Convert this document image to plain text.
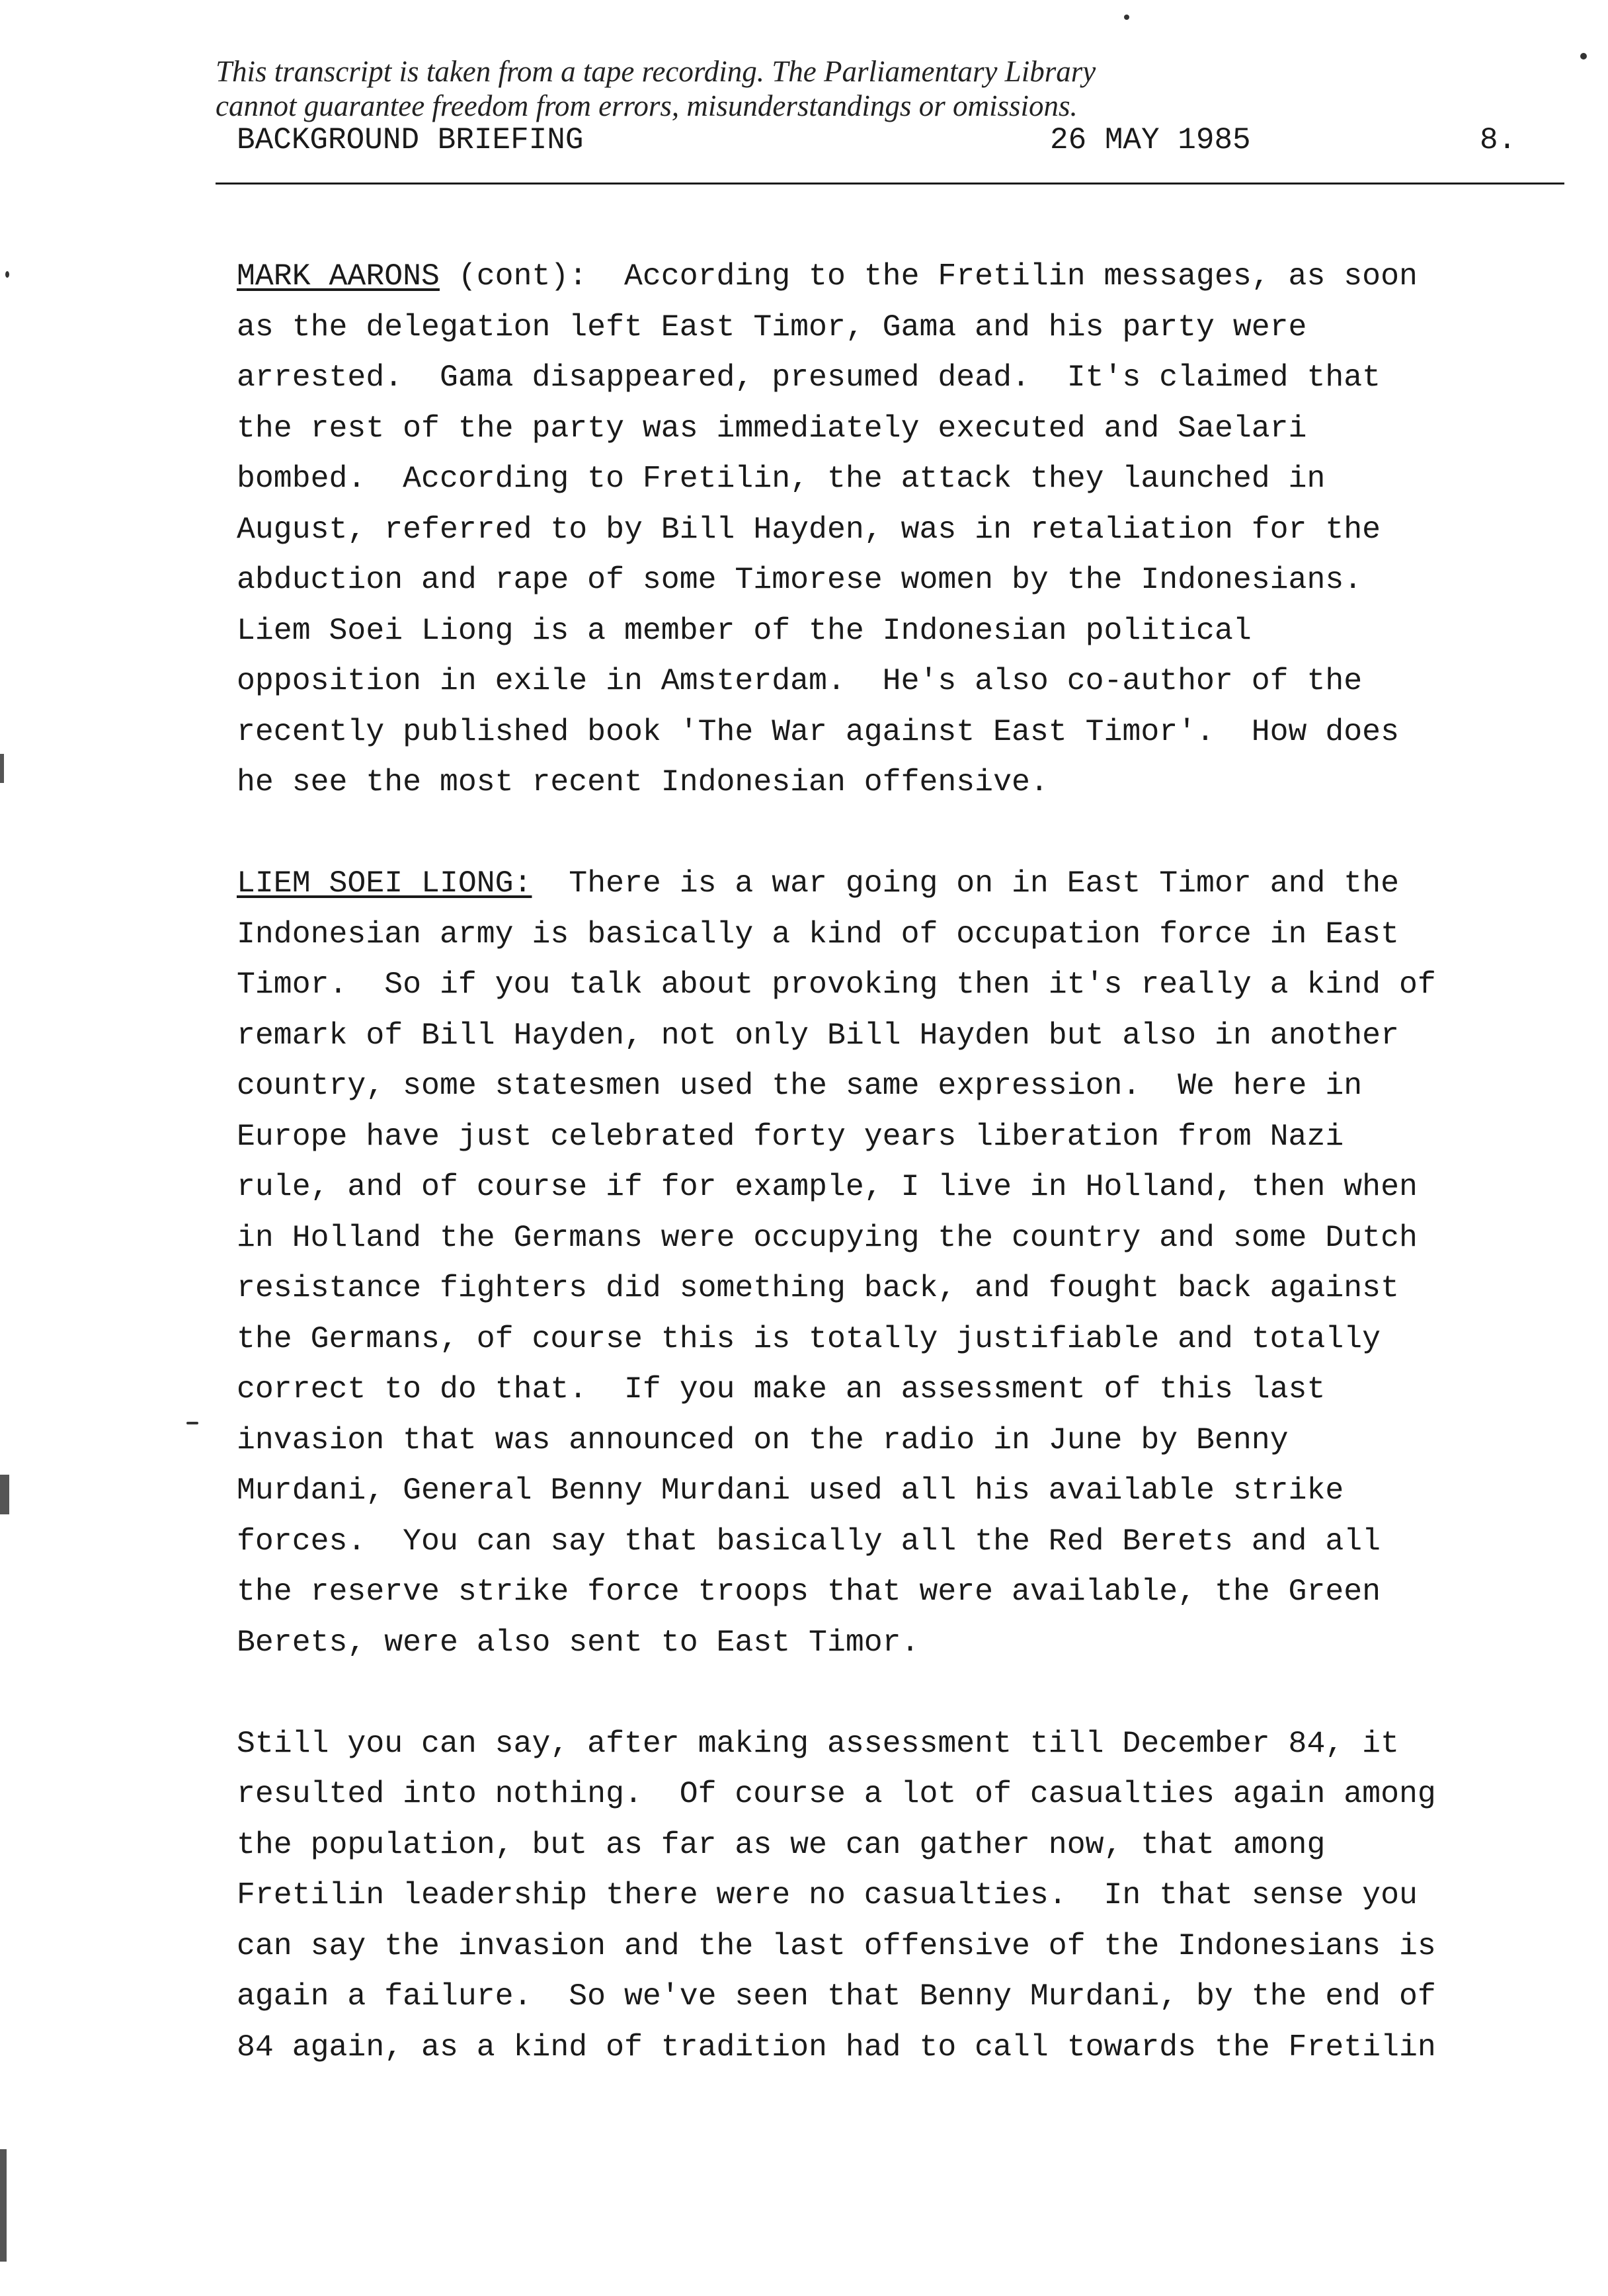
This transcript is taken from a tape recording. The Parliamentary Library
cannot guarantee freedom from errors, misunderstandings or omissions.
BACKGROUND BRIEFING	26 MAY 1985	8.
MARK AARONS (cont):  According to the Fretilin messages, as soon
as the delegation left East Timor, Gama and his party were
arrested.  Gama disappeared, presumed dead.  It's claimed that
the rest of the party was immediately executed and Saelari
bombed.  According to Fretilin, the attack they launched in
August, referred to by Bill Hayden, was in retaliation for the
abduction and rape of some Timorese women by the Indonesians.
Liem Soei Liong is a member of the Indonesian political
opposition in exile in Amsterdam.  He's also co-author of the
recently published book 'The War against East Timor'.  How does
he see the most recent Indonesian offensive.
LIEM SOEI LIONG:  There is a war going on in East Timor and the
Indonesian army is basically a kind of occupation force in East
Timor.  So if you talk about provoking then it's really a kind of
remark of Bill Hayden, not only Bill Hayden but also in another
country, some statesmen used the same expression.  We here in
Europe have just celebrated forty years liberation from Nazi
rule, and of course if for example, I live in Holland, then when
in Holland the Germans were occupying the country and some Dutch
resistance fighters did something back, and fought back against
the Germans, of course this is totally justifiable and totally
correct to do that.  If you make an assessment of this last
invasion that was announced on the radio in June by Benny
Murdani, General Benny Murdani used all his available strike
forces.  You can say that basically all the Red Berets and all
the reserve strike force troops that were available, the Green
Berets, were also sent to East Timor.
Still you can say, after making assessment till December 84, it
resulted into nothing.  Of course a lot of casualties again among
the population, but as far as we can gather now, that among
Fretilin leadership there were no casualties.  In that sense you
can say the invasion and the last offensive of the Indonesians is
again a failure.  So we've seen that Benny Murdani, by the end of
84 again, as a kind of tradition had to call towards the Fretilin
